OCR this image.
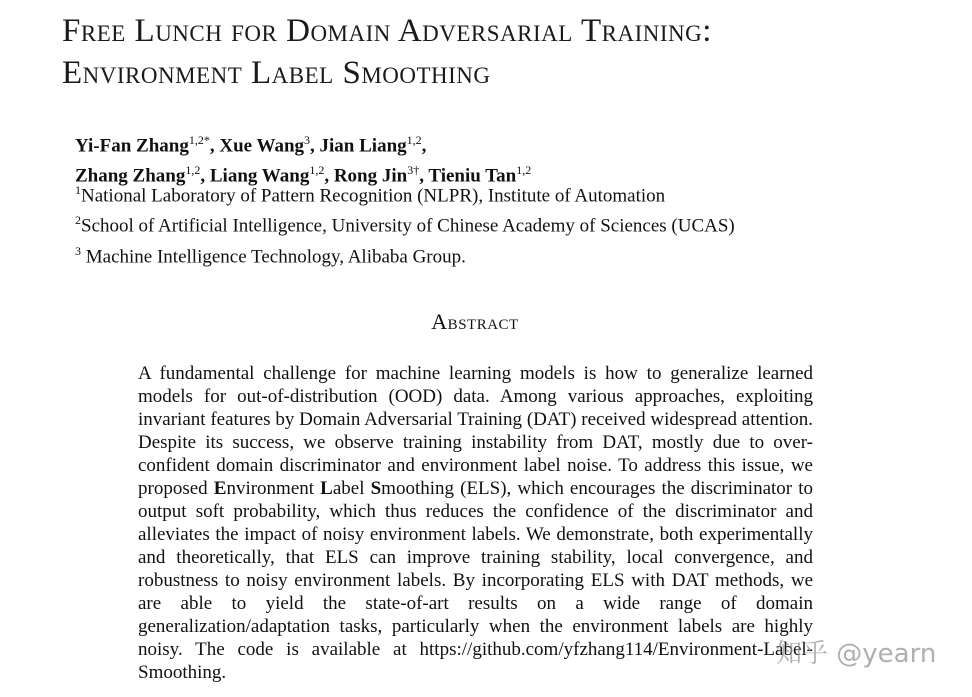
Free Lunch for Domain Adversarial Training:
Environment Label Smoothing
Yi-Fan Zhang$^{1,2*}$, Xue Wang$^3$, Jian Liang$^{1,2}$,
Zhang Zhang$^{1,2}$, Liang Wang$^{1,2}$, Rong Jin$^{3\dagger}$, Tieniu Tan$^{1,2}$
$^1$National Laboratory of Pattern Recognition (NLPR), Institute of Automation
$^2$School of Artificial Intelligence, University of Chinese Academy of Sciences (UCAS)
$^3$ Machine Intelligence Technology, Alibaba Group.
Abstract

A fundamental challenge for machine learning models is how to generalize learned models for out-of-distribution (OOD) data. Among various approaches, exploiting invariant features by Domain Adversarial Training (DAT) received widespread attention. Despite its success, we observe training instability from DAT, mostly due to over-confident domain discriminator and environment label noise. To address this issue, we proposed Environment Label Smoothing (ELS), which encourages the discriminator to output soft probability, which thus reduces the confidence of the discriminator and alleviates the impact of noisy environment labels. We demonstrate, both experimentally and theoretically, that ELS can improve training stability, local convergence, and robustness to noisy environment labels. By incorporating ELS with DAT methods, we are able to yield the state-of-art results on a wide range of domain generalization/adaptation tasks, particularly when the environment labels are highly noisy. The code is available at https://github.com/yfzhang114/Environment-Label-Smoothing.

知乎 @yearn
